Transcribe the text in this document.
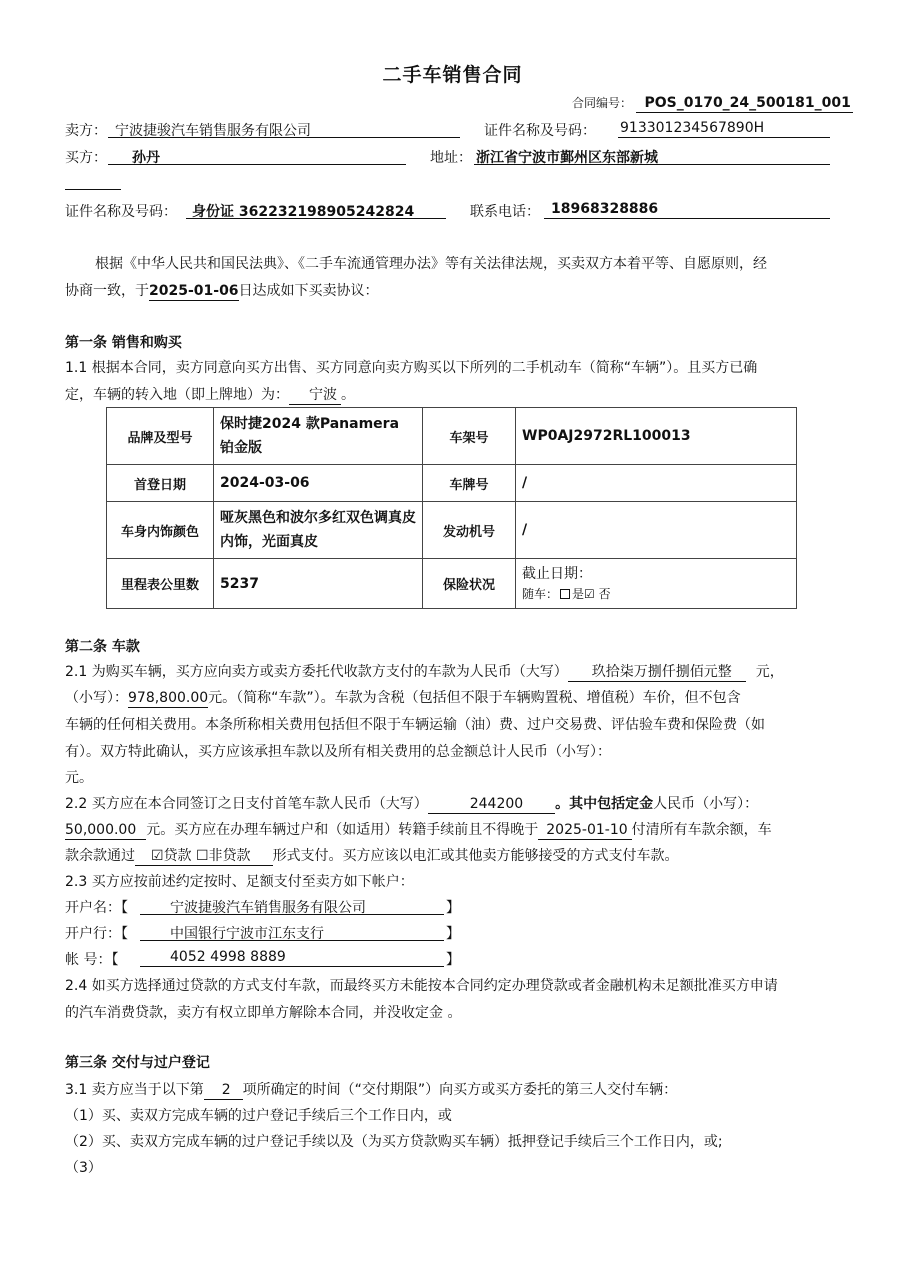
二手车销售合同
合同编号： POS_0170_24_500181_001
卖方： 宁波捷骏汽车销售服务有限公司	证件名称及号码： 913301234567890H
买方： 孙丹	地址： 浙江省宁波市鄞州区东部新城
证件名称及号码： 身份证 362232198905242824	联系电话： 18968328886
根据《中华人民共和国民法典》、《二手车流通管理办法》等有关法律法规，买卖双方本着平等、自愿原则，经
协商一致，于2025-01-06日达成如下买卖协议：
第一条 销售和购买
1.1 根据本合同，卖方同意向买方出售、买方同意向卖方购买以下所列的二手机动车（简称“车辆”）。且买方已确
定，车辆的转入地（即上牌地）为： 宁波 。
品牌及型号	保时捷2024 款Panamera 铂金版	车架号	WP0AJ2972RL100013
首登日期	2024-03-06	车牌号	/
车身内饰颜色	哑灰黑色和波尔多红双色调真皮内饰，光面真皮	发动机号	/
里程表公里数	5237	保险状况	截止日期：
随车： 是☑ 否
第二条 车款
2.1 为购买车辆，买方应向卖方或卖方委托代收款方支付的车款为人民币（大写） 玖拾柒万捌仟捌佰元整 元，
（小写）：978,800.00元。（简称“车款”）。车款为含税（包括但不限于车辆购置税、增值税）车价，但不包含
车辆的任何相关费用。本条所称相关费用包括但不限于车辆运输（油）费、过户交易费、评估验车费和保险费（如
有）。双方特此确认，买方应该承担车款以及所有相关费用的总金额总计人民币（小写）：
元。
2.2 买方应在本合同签订之日支付首笔车款人民币（大写）	244200 。其中包括定金人民币（小写）：
50,000.00 元。买方应在办理车辆过户和（如适用）转籍手续前且不得晚于 2025-01-10 付清所有车款余额，车
款余款通过 ☑贷款 ☐非贷款 形式支付。买方应该以电汇或其他卖方能够接受的方式支付车款。
2.3 买方应按前述约定按时、足额支付至卖方如下帐户：
开户名：【	宁波捷骏汽车销售服务有限公司	】
开户行：【	中国银行宁波市江东支行	】
帐 号：【	4052 4998 8889	】
2.4 如买方选择通过贷款的方式支付车款，而最终买方未能按本合同约定办理贷款或者金融机构未足额批准买方申请
的汽车消费贷款，卖方有权立即单方解除本合同，并没收定金 。
第三条 交付与过户登记
3.1 卖方应当于以下第 2 项所确定的时间（“交付期限”）向买方或买方委托的第三人交付车辆：
（1）买、卖双方完成车辆的过户登记手续后三个工作日内，或
（2）买、卖双方完成车辆的过户登记手续以及（为买方贷款购买车辆）抵押登记手续后三个工作日内，或;
（3）
